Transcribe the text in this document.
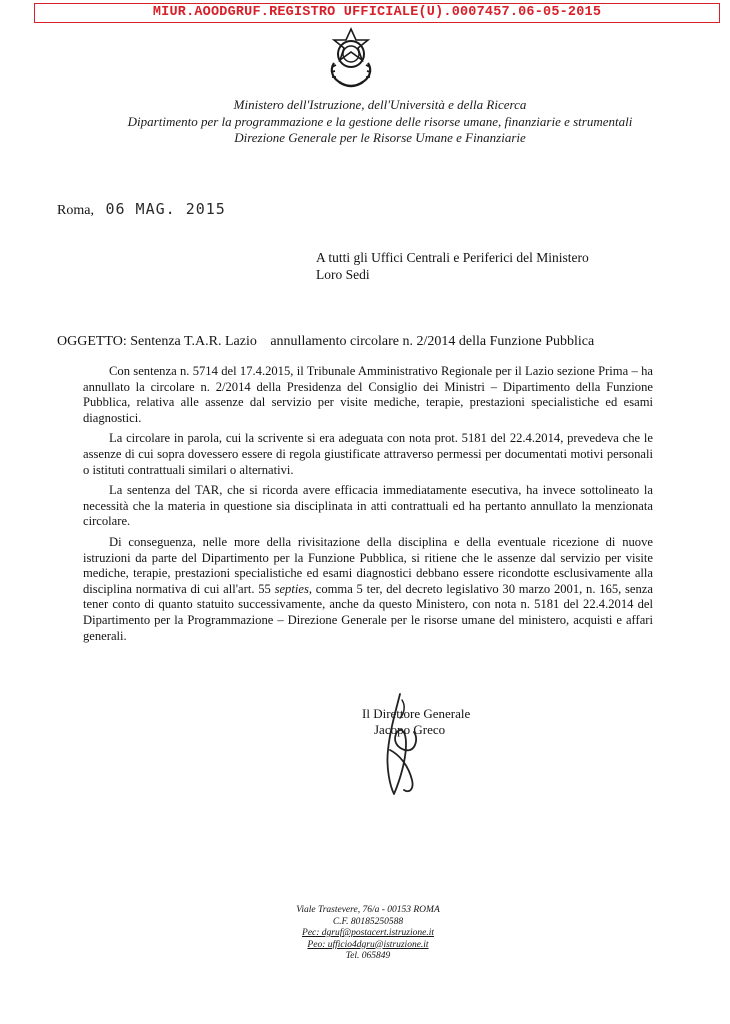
MIUR.AOODGRUF.REGISTRO UFFICIALE(U).0007457.06-05-2015
Ministero dell'Istruzione, dell'Università e della Ricerca
Dipartimento per la programmazione e la gestione delle risorse umane, finanziarie e strumentali
Direzione Generale per le Risorse Umane e Finanziarie
Roma, 06 MAG. 2015
A tutti gli Uffici Centrali e Periferici del Ministero
Loro Sedi
OGGETTO: Sentenza T.A.R. Lazio annullamento circolare n. 2/2014 della Funzione Pubblica

Con sentenza n. 5714 del 17.4.2015, il Tribunale Amministrativo Regionale per il Lazio sezione Prima – ha annullato la circolare n. 2/2014 della Presidenza del Consiglio dei Ministri – Dipartimento della Funzione Pubblica, relativa alle assenze dal servizio per visite mediche, terapie, prestazioni specialistiche ed esami diagnostici.

La circolare in parola, cui la scrivente si era adeguata con nota prot. 5181 del 22.4.2014, prevedeva che le assenze di cui sopra dovessero essere di regola giustificate attraverso permessi per documentati motivi personali o istituti contrattuali similari o alternativi.

La sentenza del TAR, che si ricorda avere efficacia immediatamente esecutiva, ha invece sottolineato la necessità che la materia in questione sia disciplinata in atti contrattuali ed ha pertanto annullato la menzionata circolare.

Di conseguenza, nelle more della rivisitazione della disciplina e della eventuale ricezione di nuove istruzioni da parte del Dipartimento per la Funzione Pubblica, si ritiene che le assenze dal servizio per visite mediche, terapie, prestazioni specialistiche ed esami diagnostici debbano essere ricondotte esclusivamente alla disciplina normativa di cui all'art. 55 septies, comma 5 ter, del decreto legislativo 30 marzo 2001, n. 165, senza tener conto di quanto statuito successivamente, anche da questo Ministero, con nota n. 5181 del 22.4.2014 del Dipartimento per la Programmazione – Direzione Generale per le risorse umane del ministero, acquisti e affari generali.

Il Direttore Generale
Jacopo Greco
Viale Trastevere, 76/a - 00153 ROMA
C.F. 80185250588
Pec: dgruf@postacert.istruzione.it
Peo: ufficio4dgru@istruzione.it
Tel. 065849
